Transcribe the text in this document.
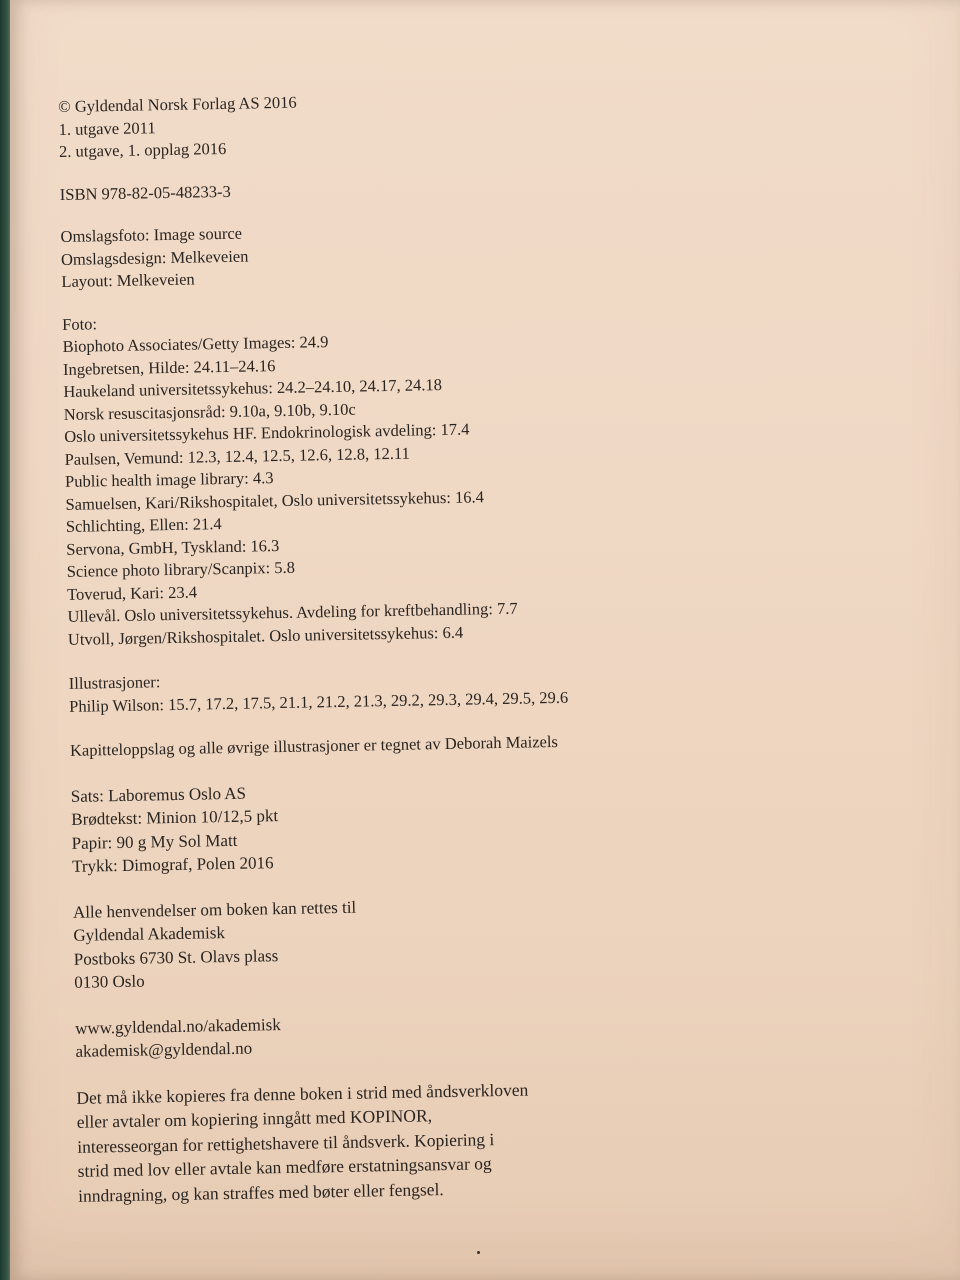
© Gyldendal Norsk Forlag AS 2016

1. utgave 2011

2. utgave, 1. opplag 2016

ISBN 978-82-05-48233-3

Omslagsfoto: Image source

Omslagsdesign: Melkeveien

Layout: Melkeveien

Foto:

Biophoto Associates/Getty Images: 24.9

Ingebretsen, Hilde: 24.11–24.16

Haukeland universitetssykehus: 24.2–24.10, 24.17, 24.18

Norsk resuscitasjonsråd: 9.10a, 9.10b, 9.10c

Oslo universitetssykehus HF. Endokrinologisk avdeling: 17.4

Paulsen, Vemund: 12.3, 12.4, 12.5, 12.6, 12.8, 12.11

Public health image library: 4.3

Samuelsen, Kari/Rikshospitalet, Oslo universitetssykehus: 16.4

Schlichting, Ellen: 21.4

Servona, GmbH, Tyskland: 16.3

Science photo library/Scanpix: 5.8

Toverud, Kari: 23.4

Ullevål. Oslo universitetssykehus. Avdeling for kreftbehandling: 7.7

Utvoll, Jørgen/Rikshospitalet. Oslo universitetssykehus: 6.4

Illustrasjoner:

Philip Wilson: 15.7, 17.2, 17.5, 21.1, 21.2, 21.3, 29.2, 29.3, 29.4, 29.5, 29.6

Kapitteloppslag og alle øvrige illustrasjoner er tegnet av Deborah Maizels

Sats: Laboremus Oslo AS

Brødtekst: Minion 10/12,5 pkt

Papir: 90 g My Sol Matt

Trykk: Dimograf, Polen 2016

Alle henvendelser om boken kan rettes til

Gyldendal Akademisk

Postboks 6730 St. Olavs plass

0130 Oslo

www.gyldendal.no/akademisk

akademisk@gyldendal.no

Det må ikke kopieres fra denne boken i strid med åndsverkloven

eller avtaler om kopiering inngått med KOPINOR,

interesseorgan for rettighetshavere til åndsverk. Kopiering i

strid med lov eller avtale kan medføre erstatningsansvar og

inndragning, og kan straffes med bøter eller fengsel.
